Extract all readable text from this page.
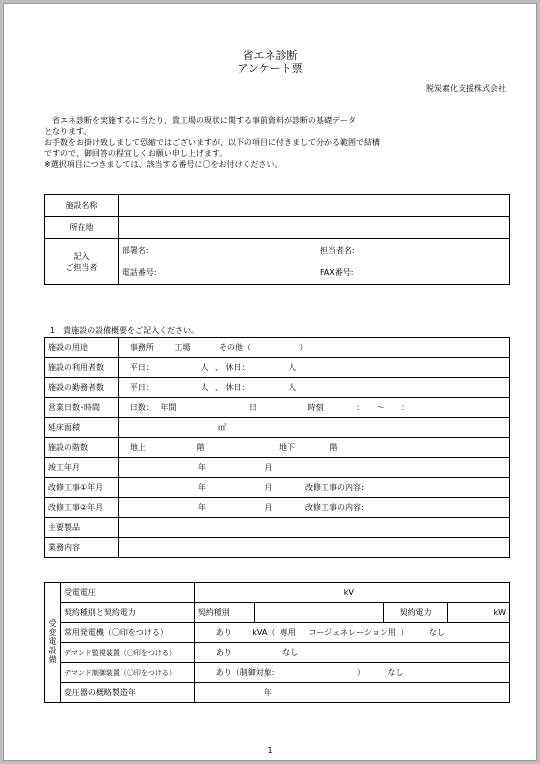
省エネ診断
アンケート票
脱炭素化支援株式会社
　省エネ診断を実施するに当たり、貴工場の現状に関する事前資料が診断の基礎データ
となります。
お手数をお掛け致しまして恐縮ではございますが、以下の項目に付きまして分かる範囲で結構
ですので、御回答の程宜しくお願い申し上げます。
※選択項目につきましては、該当する番号に〇をお付けください。
施設名称		
所在地		

記入
ご担当者	部署名:	担当者名:
	電話番号:	FAX番号:
1　貴施設の設備概要をご記入ください。
施設の用途	事務所 工場 その他（ ）
施設の利用者数	平日： 人 、 休日： 人
施設の勤務者数	平日： 人 、 休日： 人
営業日数･時間	日数： 年間 日 時刻 ： 〜 ：
延床面積	㎡
施設の階数	地上 階 地下 階
竣工年月	年 月
改修工事①年月	年 月 改修工事の内容:
改修工事②年月	年 月 改修工事の内容:
主要製品	
業務内容	
受変電設備	受電電圧	kV			
	契約種別と契約電力	契約種別		契約電力	kW
	常用発電機（〇印をつける）	あり kVA（ 専用 コージェネレーション用 ） なし			
	デマンド監視装置（〇印をつける）	あり なし			
	デマンド制御装置（〇印をつける）	あり（制御対象: ） なし			
	変圧器の概略製造年	年			
1
